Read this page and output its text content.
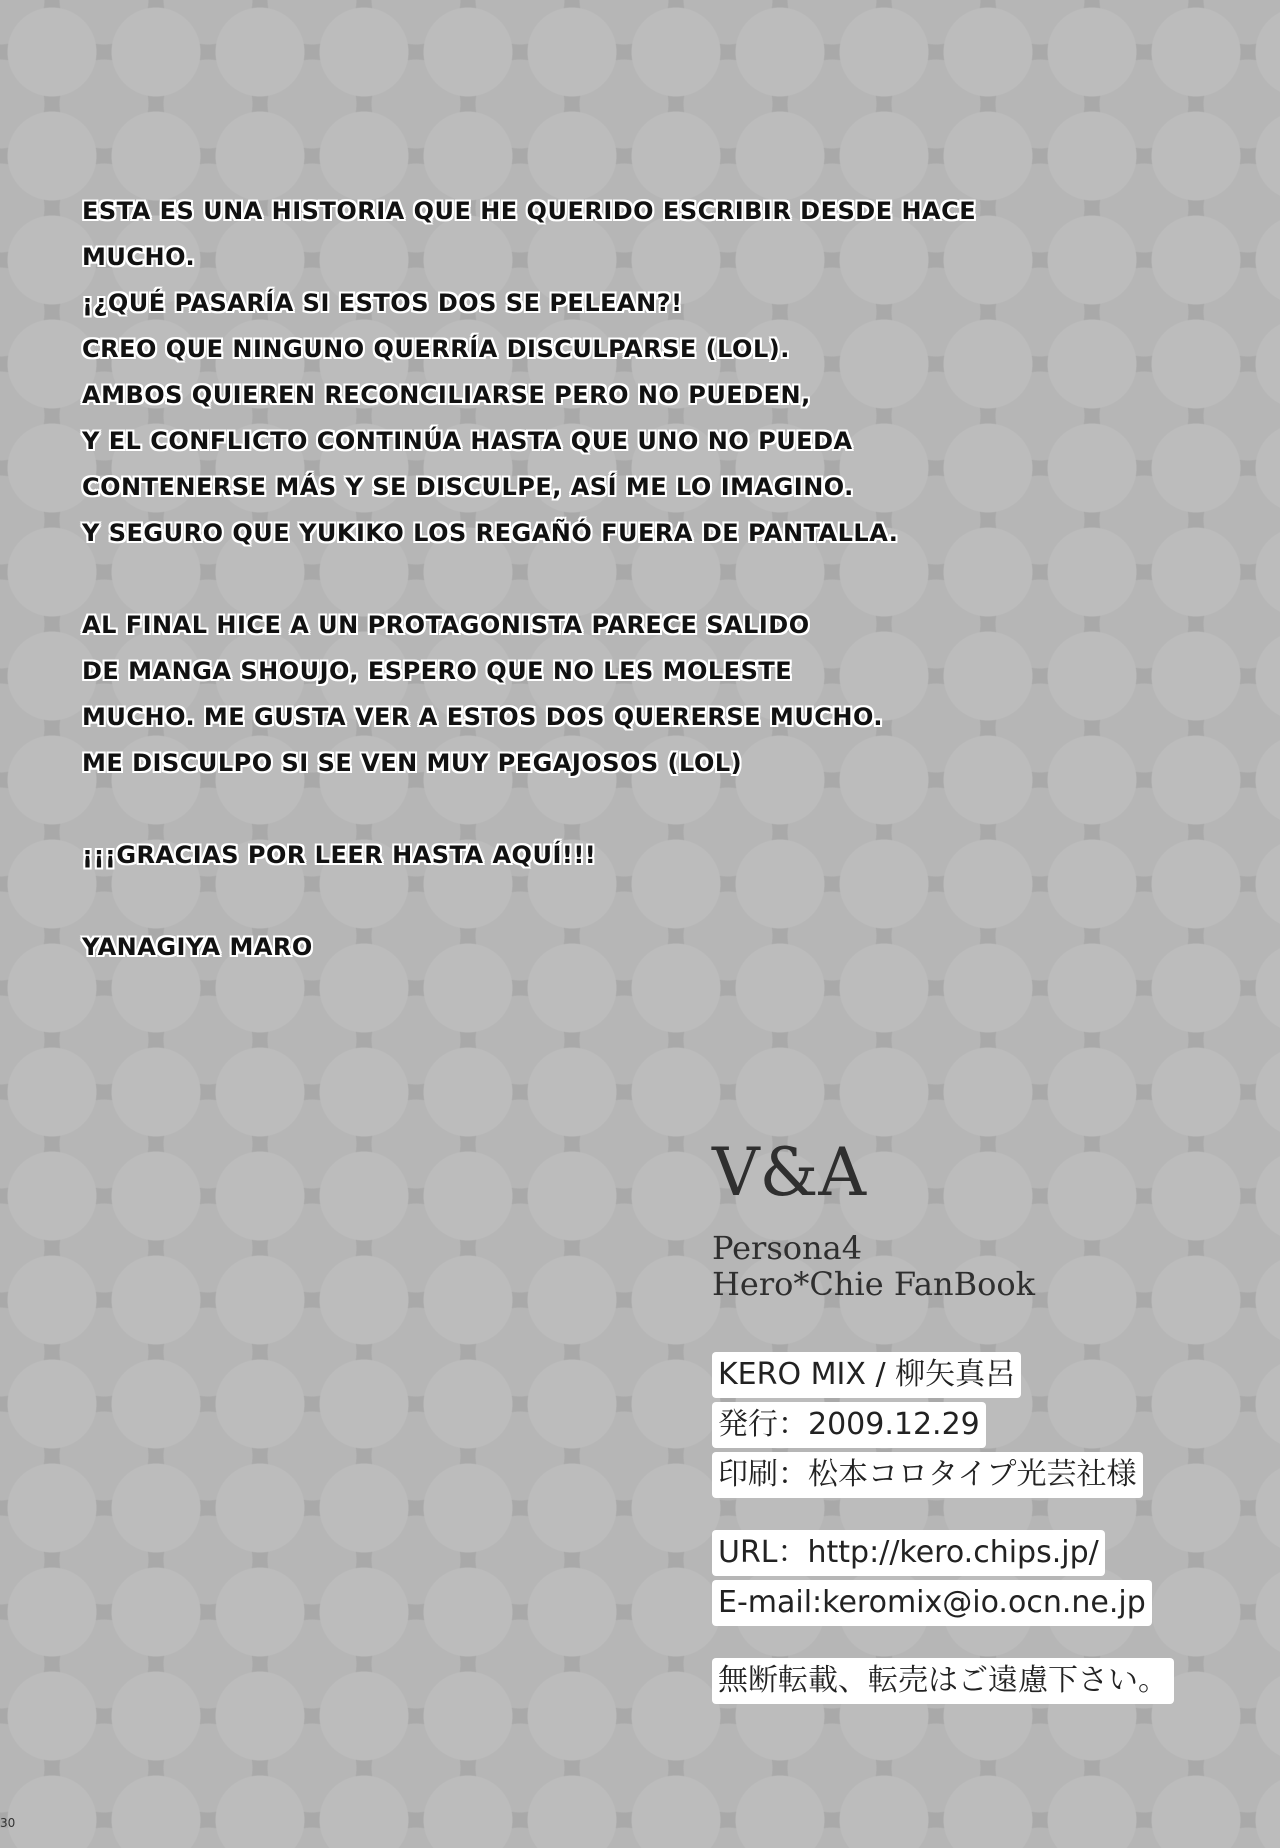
ESTA ES UNA HISTORIA QUE HE QUERIDO ESCRIBIR DESDE HACE MUCHO.

¡¿QUÉ PASARÍA SI ESTOS DOS SE PELEAN?!

CREO QUE NINGUNO QUERRÍA DISCULPARSE (LOL).

AMBOS QUIEREN RECONCILIARSE PERO NO PUEDEN,

Y EL CONFLICTO CONTINÚA HASTA QUE UNO NO PUEDA

CONTENERSE MÁS Y SE DISCULPE, ASÍ ME LO IMAGINO.

Y SEGURO QUE YUKIKO LOS REGAÑÓ FUERA DE PANTALLA.

AL FINAL HICE A UN PROTAGONISTA PARECE SALIDO

DE MANGA SHOUJO, ESPERO QUE NO LES MOLESTE

MUCHO. ME GUSTA VER A ESTOS DOS QUERERSE MUCHO.

ME DISCULPO SI SE VEN MUY PEGAJOSOS (LOL)

¡¡¡GRACIAS POR LEER HASTA AQUÍ!!!

YANAGIYA MARO

V&A
Persona4
Hero*Chie FanBook
KERO MIX / 柳矢真呂
発行：2009.12.29
印刷：松本コロタイプ光芸社様
URL：http://kero.chips.jp/
E-mail:keromix@io.ocn.ne.jp
無断転載、転売はご遠慮下さい。
30
